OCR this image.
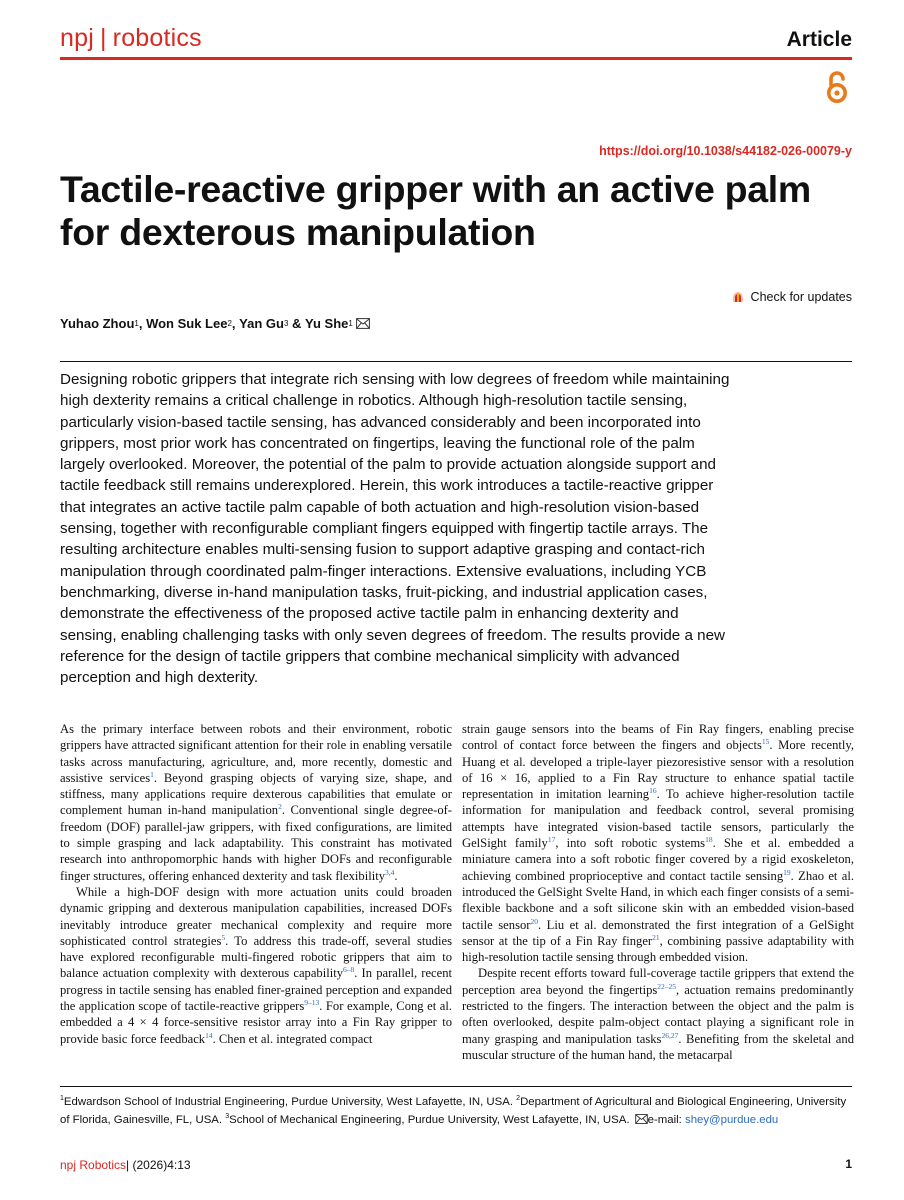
npj | robotics	Article
https://doi.org/10.1038/s44182-026-00079-y
Tactile-reactive gripper with an active palm for dexterous manipulation
Check for updates
Yuhao Zhou 1 , Won Suk Lee 2 , Yan Gu 3 & Yu She 1

Designing robotic grippers that integrate rich sensing with low degrees of freedom while maintaining high dexterity remains a critical challenge in robotics. Although high-resolution tactile sensing, particularly vision-based tactile sensing, has advanced considerably and been incorporated into grippers, most prior work has concentrated on fingertips, leaving the functional role of the palm largely overlooked. Moreover, the potential of the palm to provide actuation alongside support and tactile feedback still remains underexplored. Herein, this work introduces a tactile-reactive gripper that integrates an active tactile palm capable of both actuation and high-resolution vision-based sensing, together with reconfigurable compliant fingers equipped with fingertip tactile arrays. The resulting architecture enables multi-sensing fusion to support adaptive grasping and contact-rich manipulation through coordinated palm-finger interactions. Extensive evaluations, including YCB benchmarking, diverse in-hand manipulation tasks, fruit-picking, and industrial application cases, demonstrate the effectiveness of the proposed active tactile palm in enhancing dexterity and sensing, enabling challenging tasks with only seven degrees of freedom. The results provide a new reference for the design of tactile grippers that combine mechanical simplicity with advanced perception and high dexterity.

As the primary interface between robots and their environment, robotic grippers have attracted significant attention for their role in enabling versatile tasks across manufacturing, agriculture, and, more recently, domestic and assistive services$^1$. Beyond grasping objects of varying size, shape, and stiffness, many applications require dexterous capabilities that emulate or complement human in-hand manipulation$^2$. Conventional single degree-of-freedom (DOF) parallel-jaw grippers, with fixed configurations, are limited to simple grasping and lack adaptability. This constraint has motivated research into anthropomorphic hands with higher DOFs and reconfigurable finger structures, offering enhanced dexterity and task flexibility$^{3,4}$.

While a high-DOF design with more actuation units could broaden dynamic gripping and dexterous manipulation capabilities, increased DOFs inevitably introduce greater mechanical complexity and require more sophisticated control strategies$^5$. To address this trade-off, several studies have explored reconfigurable multi-fingered robotic grippers that aim to balance actuation complexity with dexterous capability$^{6-8}$. In parallel, recent progress in tactile sensing has enabled finer-grained perception and expanded the application scope of tactile-reactive grippers$^{9-13}$. For example, Cong et al. embedded a 4 × 4 force-sensitive resistor array into a Fin Ray gripper to provide basic force feedback$^{14}$. Chen et al. integrated compact

strain gauge sensors into the beams of Fin Ray fingers, enabling precise control of contact force between the fingers and objects$^{15}$. More recently, Huang et al. developed a triple-layer piezoresistive sensor with a resolution of 16 × 16, applied to a Fin Ray structure to enhance spatial tactile representation in imitation learning$^{16}$. To achieve higher-resolution tactile information for manipulation and feedback control, several promising attempts have integrated vision-based tactile sensors, particularly the GelSight family$^{17}$, into soft robotic systems$^{18}$. She et al. embedded a miniature camera into a soft robotic finger covered by a rigid exoskeleton, achieving combined proprioceptive and contact tactile sensing$^{19}$. Zhao et al. introduced the GelSight Svelte Hand, in which each finger consists of a semi-flexible backbone and a soft silicone skin with an embedded vision-based tactile sensor$^{20}$. Liu et al. demonstrated the first integration of a GelSight sensor at the tip of a Fin Ray finger$^{21}$, combining passive adaptability with high-resolution tactile sensing through embedded vision.

Despite recent efforts toward full-coverage tactile grippers that extend the perception area beyond the fingertips$^{22-25}$, actuation remains predominantly restricted to the fingers. The interaction between the object and the palm is often overlooked, despite palm-object contact playing a significant role in many grasping and manipulation tasks$^{26,27}$. Benefiting from the skeletal and muscular structure of the human hand, the metacarpal

$^1$Edwardson School of Industrial Engineering, Purdue University, West Lafayette, IN, USA. $^2$Department of Agricultural and Biological Engineering, University of Florida, Gainesville, FL, USA. $^3$School of Mechanical Engineering, Purdue University, West Lafayette, IN, USA. e-mail: shey@purdue.edu
npj Robotics| (2026)4:13	1
